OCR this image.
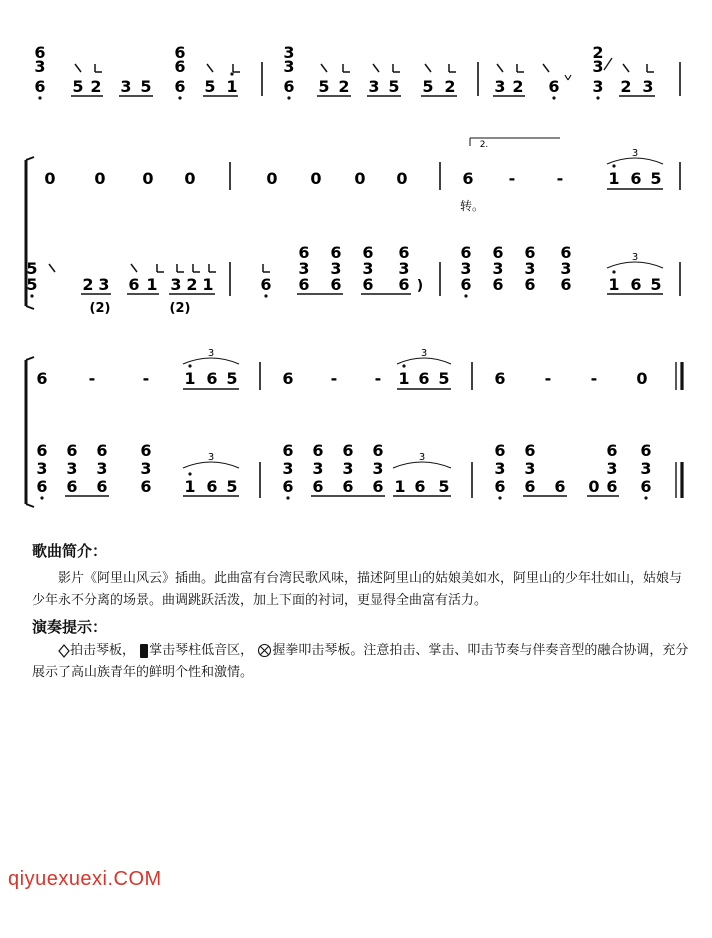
6
3
6
6
3
3
2
3
6 5 2 3 5 6 5 1	6 5 2 3 5 5 2 3 2 6 3 2 3
2.
0 0 0 0	0 0 0 0	6 -	-	1 6 5
3
转。
6 6 6 6	6 6 6 6
3 3 3 3	3 3 3 3
5
5	2 3 6 1 3 2 1	6 6 6 6 6	6 6 6 6 1 6 5
3
(2)	(2)
)
6	-	- 1 6 5	6 - - 1 6 5	6 - - 0
3	3
6 6 6 6	6 6 6 6	6 6	6 6
3 3 3 3	3 3 3 3	3 3	3 3
6 6 6 6 1 6 5	6 6 6 6 1 6 5	6 6 6 0 6 6
3	3
歌曲简介：
影片《阿里山风云》插曲。此曲富有台湾民歌风味，描述阿里山的姑娘美如水，阿里山的少年壮如山，姑娘与少年永不分离的场景。曲调跳跃活泼，加上下面的衬词，更显得全曲富有活力。
演奏提示：
拍击琴板， 掌击琴柱低音区， 握拳叩击琴板。注意拍击、掌击、叩击节奏与伴奏音型的融合协调，充分展示了高山族青年的鲜明个性和激情。
qiyuexuexi.COM
